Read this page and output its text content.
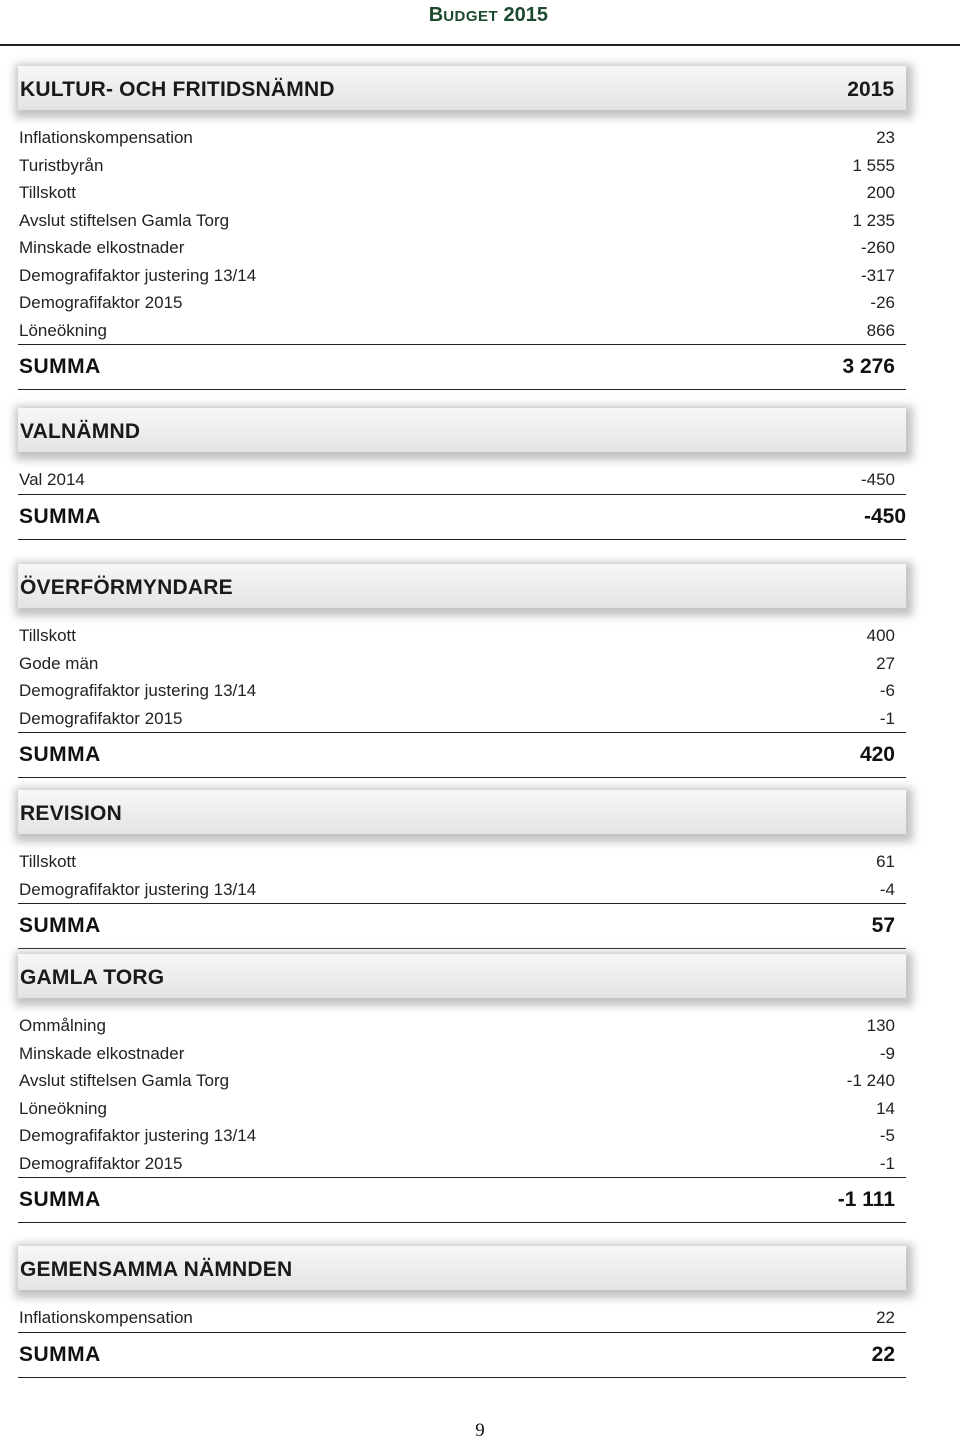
BUDGET 2015
KULTUR- OCH FRITIDSNÄMND	2015
Inflationskompensation	23
Turistbyrån	1 555
Tillskott	200
Avslut stiftelsen Gamla Torg	1 235
Minskade elkostnader	-260
Demografifaktor justering 13/14	-317
Demografifaktor 2015	-26
Löneökning	866
SUMMA	3 276
VALNÄMND
Val 2014	-450
SUMMA	-450
ÖVERFÖRMYNDARE
Tillskott	400
Gode män	27
Demografifaktor justering 13/14	-6
Demografifaktor 2015	-1
SUMMA	420
REVISION
Tillskott	61
Demografifaktor justering 13/14	-4
SUMMA	57
GAMLA TORG
Ommålning	130
Minskade elkostnader	-9
Avslut stiftelsen Gamla Torg	-1 240
Löneökning	14
Demografifaktor justering 13/14	-5
Demografifaktor 2015	-1
SUMMA	-1 111
GEMENSAMMA NÄMNDEN
Inflationskompensation	22
SUMMA	22
9
